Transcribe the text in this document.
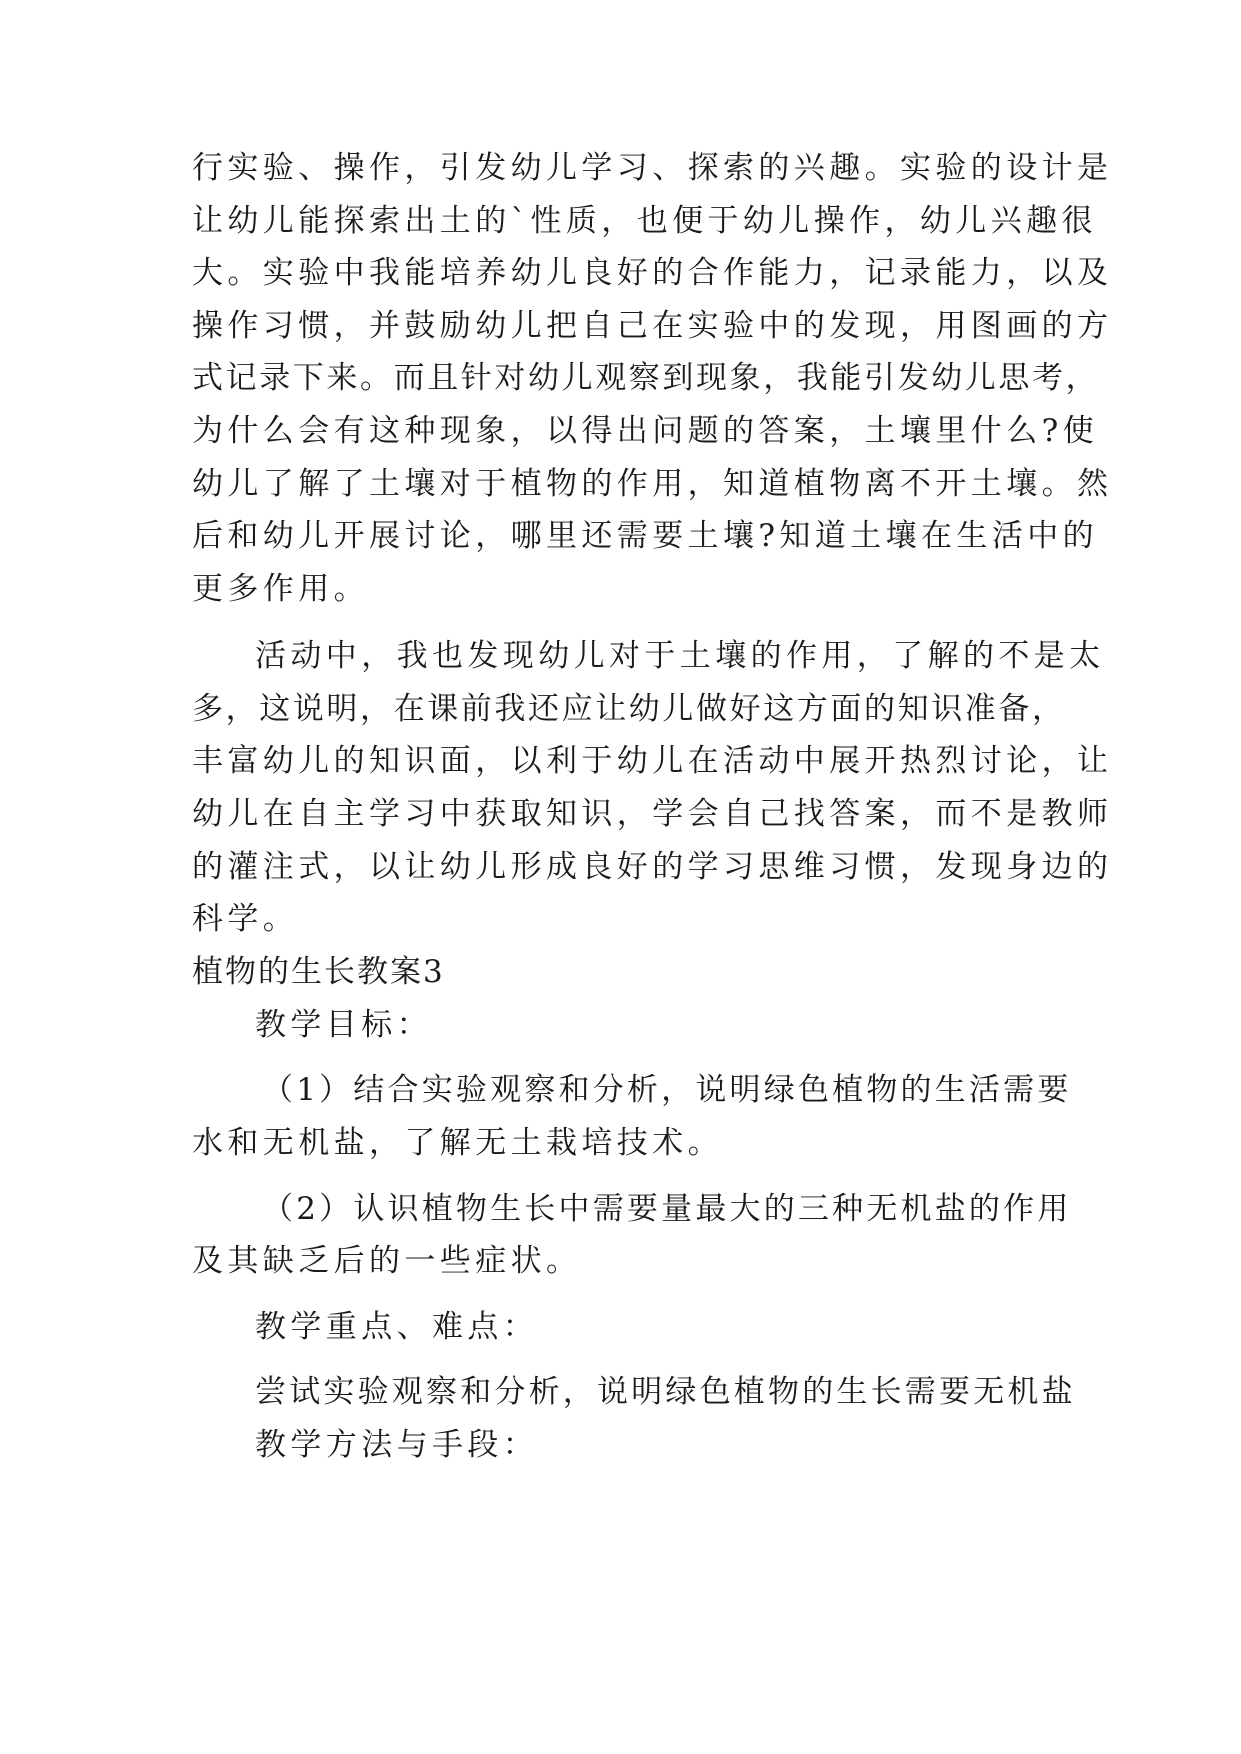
行实验、操作，引发幼儿学习、探索的兴趣。实验的设计是
让幼儿能探索出土的`性质，也便于幼儿操作，幼儿兴趣很
大。实验中我能培养幼儿良好的合作能力，记录能力，以及
操作习惯，并鼓励幼儿把自己在实验中的发现，用图画的方
式记录下来。而且针对幼儿观察到现象，我能引发幼儿思考，
为什么会有这种现象，以得出问题的答案，土壤里什么?使
幼儿了解了土壤对于植物的作用，知道植物离不开土壤。然
后和幼儿开展讨论，哪里还需要土壤?知道土壤在生活中的
更多作用。
活动中，我也发现幼儿对于土壤的作用，了解的不是太
多，这说明，在课前我还应让幼儿做好这方面的知识准备，
丰富幼儿的知识面，以利于幼儿在活动中展开热烈讨论，让
幼儿在自主学习中获取知识，学会自己找答案，而不是教师
的灌注式，以让幼儿形成良好的学习思维习惯，发现身边的
科学。
植物的生长教案3
教学目标：
（1）结合实验观察和分析，说明绿色植物的生活需要
水和无机盐，了解无土栽培技术。
（2）认识植物生长中需要量最大的三种无机盐的作用
及其缺乏后的一些症状。
教学重点、难点：
尝试实验观察和分析，说明绿色植物的生长需要无机盐
教学方法与手段：
